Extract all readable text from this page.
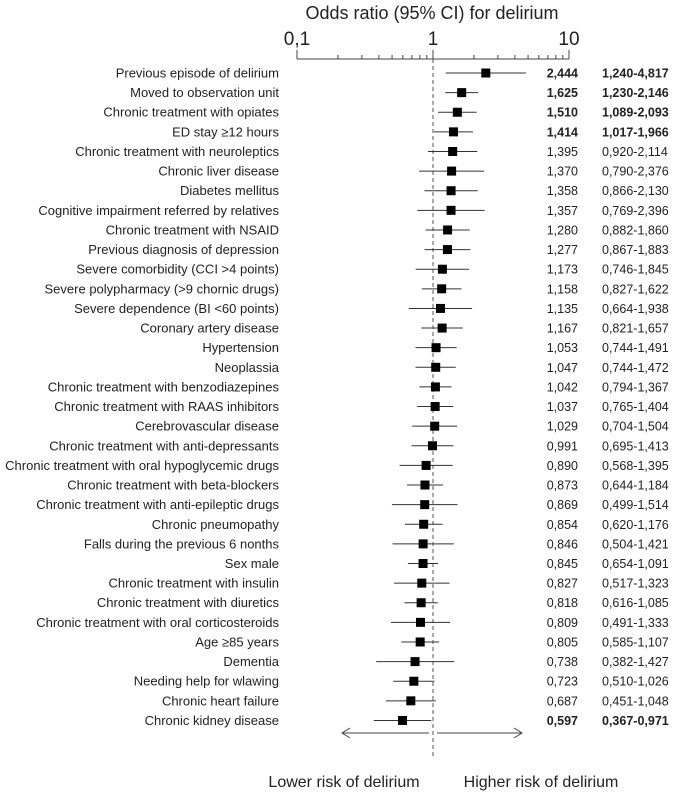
Odds ratio (95% CI) for delirium
0,1	1	10
Previous episode of delirium	2,444 1,240-4,817
Moved to observation unit	1,625 1,230-2,146
Chronic treatment with opiates	1,510 1,089-2,093
ED stay ≥12 hours	1,414 1,017-1,966
Chronic treatment with neuroleptics	1,395 0,920-2,114
Chronic liver disease	1,370 0,790-2,376
Diabetes mellitus	1,358 0,866-2,130
Cognitive impairment referred by relatives	1,357 0,769-2,396
Chronic treatment with NSAID	1,280 0,882-1,860
Previous diagnosis of depression	1,277 0,867-1,883
Severe comorbidity (CCI >4 points)	1,173 0,746-1,845
Severe polypharmacy (>9 chornic drugs)	1,158 0,827-1,622
Severe dependence (BI <60 points)	1,135 0,664-1,938
Coronary artery disease	1,167 0,821-1,657
Hypertension	1,053 0,744-1,491
Neoplassia	1,047 0,744-1,472
Chronic treatment with benzodiazepines	1,042 0,794-1,367
Chronic treatment with RAAS inhibitors	1,037 0,765-1,404
Cerebrovascular disease	1,029 0,704-1,504
Chronic treatment with anti-depressants	0,991 0,695-1,413
Chronic treatment with oral hypoglycemic drugs	0,890 0,568-1,395
Chronic treatment with beta-blockers	0,873 0,644-1,184
Chronic treatment with anti-epileptic drugs	0,869 0,499-1,514
Chronic pneumopathy	0,854 0,620-1,176
Falls during the previous 6 nonths	0,846 0,504-1,421
Sex male	0,845 0,654-1,091
Chronic treatment with insulin	0,827 0,517-1,323
Chronic treatment with diuretics	0,818 0,616-1,085
Chronic treatment with oral corticosteroids	0,809 0,491-1,333
Age ≥85 years	0,805 0,585-1,107
Dementia	0,738 0,382-1,427
Needing help for wlawing	0,723 0,510-1,026
Chronic heart failure	0,687 0,451-1,048
Chronic kidney disease	0,597 0,367-0,971
Lower risk of delirium	Higher risk of delirium
